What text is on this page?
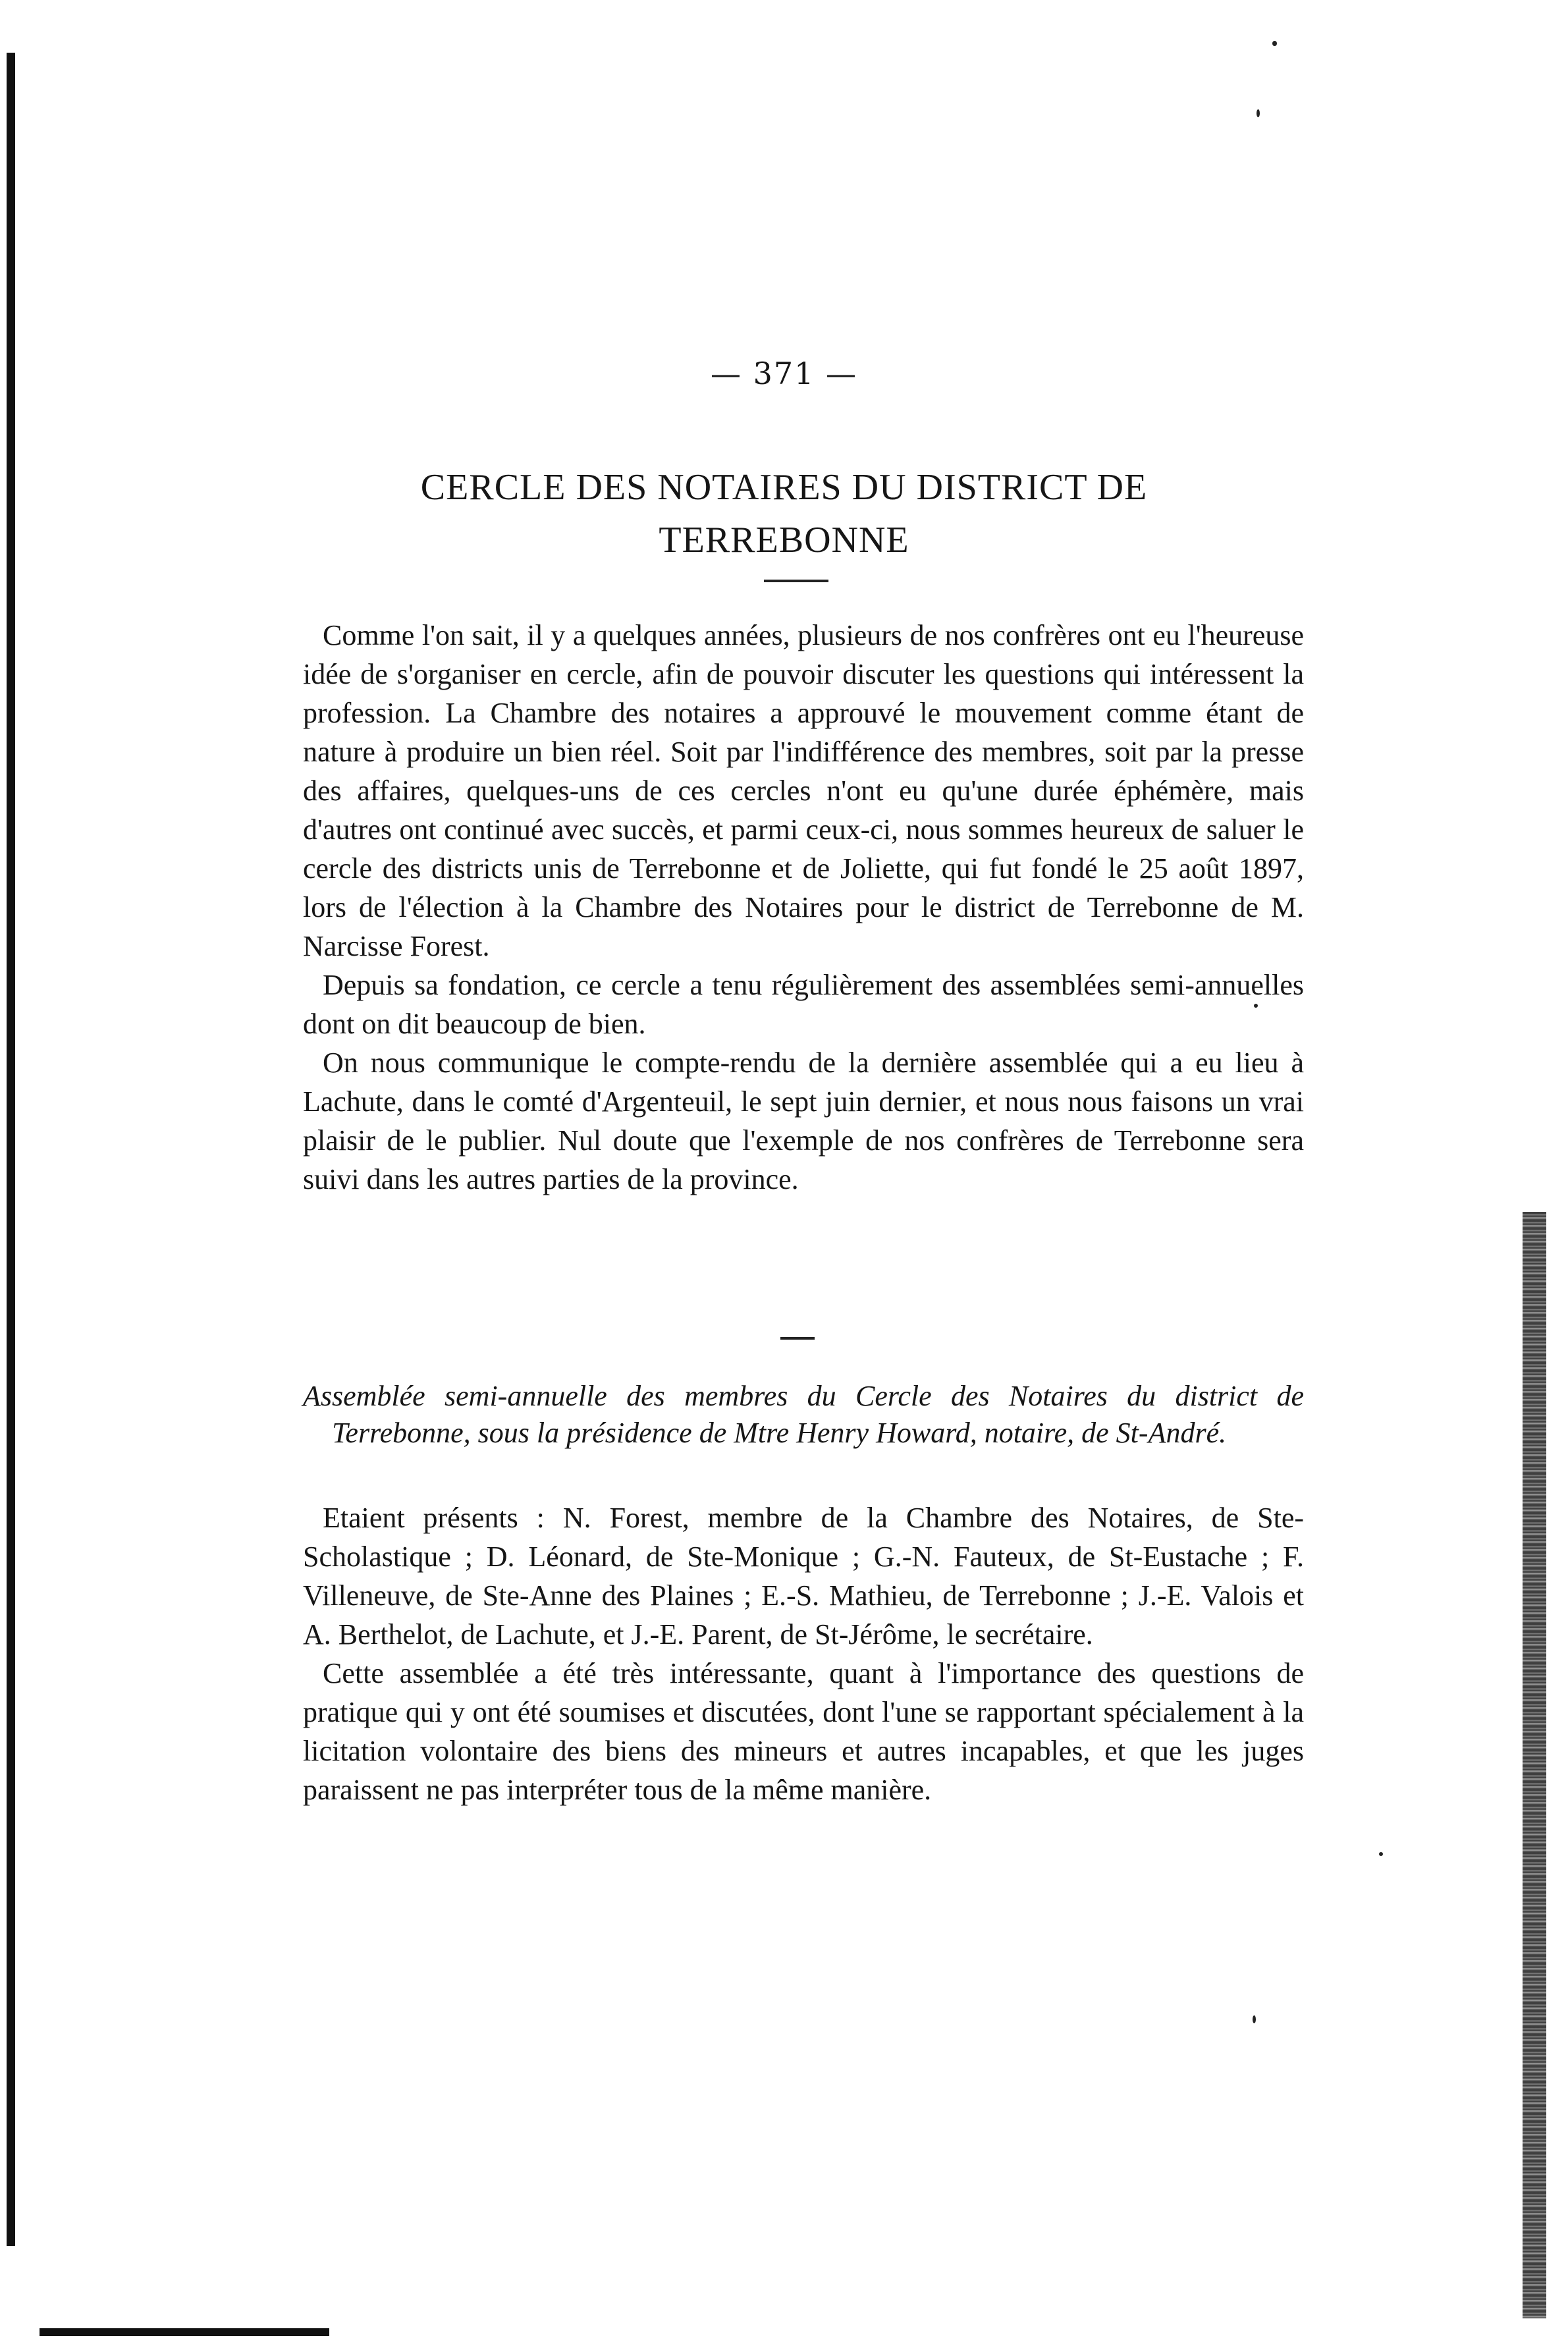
— 371 —
CERCLE DES NOTAIRES DU DISTRICT DE
TERREBONNE

Comme l'on sait, il y a quelques années, plusieurs de nos confrères ont eu l'heureuse idée de s'organiser en cercle, afin de pouvoir discuter les questions qui intéressent la profession. La Chambre des notaires a approuvé le mouvement comme étant de nature à produire un bien réel. Soit par l'indifférence des membres, soit par la presse des affaires, quelques-uns de ces cercles n'ont eu qu'une durée éphémère, mais d'autres ont continué avec succès, et parmi ceux-ci, nous sommes heureux de saluer le cercle des districts unis de Terrebonne et de Joliette, qui fut fondé le 25 août 1897, lors de l'élection à la Chambre des Notaires pour le district de Terrebonne de M. Narcisse Forest.

Depuis sa fondation, ce cercle a tenu régulièrement des assemblées semi-annuelles dont on dit beaucoup de bien.

On nous communique le compte-rendu de la dernière assemblée qui a eu lieu à Lachute, dans le comté d'Argenteuil, le sept juin dernier, et nous nous faisons un vrai plaisir de le publier. Nul doute que l'exemple de nos confrères de Terrebonne sera suivi dans les autres parties de la province.

Assemblée semi-annuelle des membres du Cercle des Notaires du district de Terrebonne, sous la présidence de Mtre Henry Howard, notaire, de St-André.

Etaient présents : N. Forest, membre de la Chambre des Notaires, de Ste-Scholastique ; D. Léonard, de Ste-Monique ; G.-N. Fauteux, de St-Eustache ; F. Villeneuve, de Ste-Anne des Plaines ; E.-S. Mathieu, de Terrebonne ; J.-E. Valois et A. Berthelot, de Lachute, et J.-E. Parent, de St-Jérôme, le secrétaire.

Cette assemblée a été très intéressante, quant à l'importance des questions de pratique qui y ont été soumises et discutées, dont l'une se rapportant spécialement à la licitation volontaire des biens des mineurs et autres incapables, et que les juges paraissent ne pas interpréter tous de la même manière.
